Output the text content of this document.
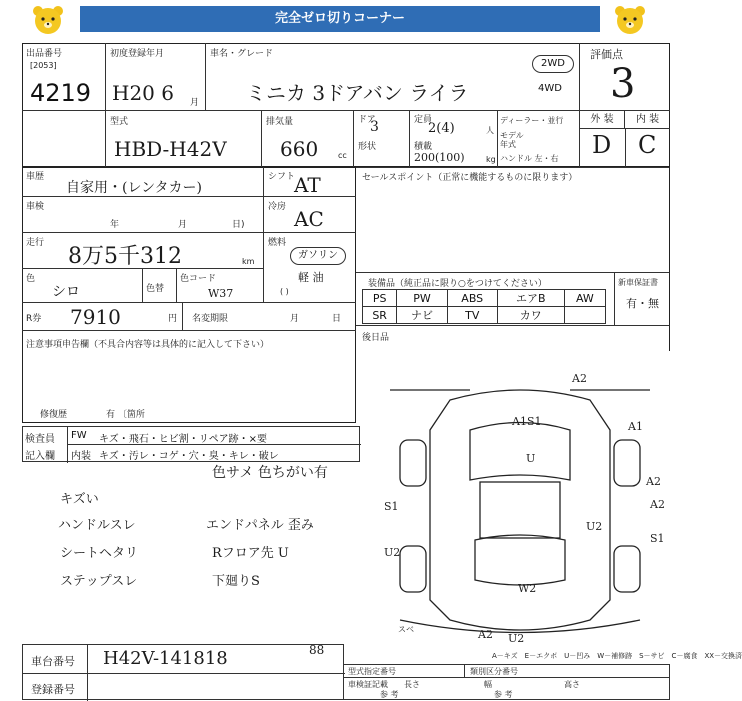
完全ゼロ切りコーナー
出品番号
[2053]
4219
初度登録年月
H20 6 月
車名・グレード
ミニカ 3ドアバン ライラ
2WD
4WD
評価点
3
型式
HBD-H42V
排気量
660 cc
ドア
3
形状
定員
2(4)	人
積載
200(100)	kg
ディーラー・並行
モデル年式
ハンドル 左・右
外 装	内 装
D C
車歴
自家用・(レンタカー)
シフト
AT
車検
年	月	日)
冷房 AC
走行
8万5千312	km
燃料
ガソリン
軽 油
( )
色
シロ	色替
色コード
W37
R券 7910	円 名変期限	月	日
注意事項申告欄（不具合内容等は具体的に記入して下さい）
修復歴	有 〔箇所
セールスポイント（正常に機能するものに限ります）
装備品（純正品に限り○をつけてください）	新車保証書
有・無
PS	PW	ABS	エアB	AW
SR	ナビ	TV	カワ	
後日品
検査員
記入欄
FW キズ・飛石・ヒビ割・リペア跡・×要
内装 キズ・汚レ・コゲ・穴・臭・キレ・破レ
色サメ 色ちがい有
キズい
ハンドルスレ
シートヘタリ
ステップスレ
エンドパネル 歪み
Rフロア先 U
下廻りS
A2
A1S1	A1
U
S1
A2
A2
S1
U2
U2
W2
A2 U2
スベ
A－キズ　E－エクボ　U－凹み　W－補修跡　S－サビ　C－腐食　XX－交換済
車台番号 H42V-141818	88
登録番号
型式指定番号	類別区分番号
車検証記載
参 考
長さ	幅	高さ
参 考
